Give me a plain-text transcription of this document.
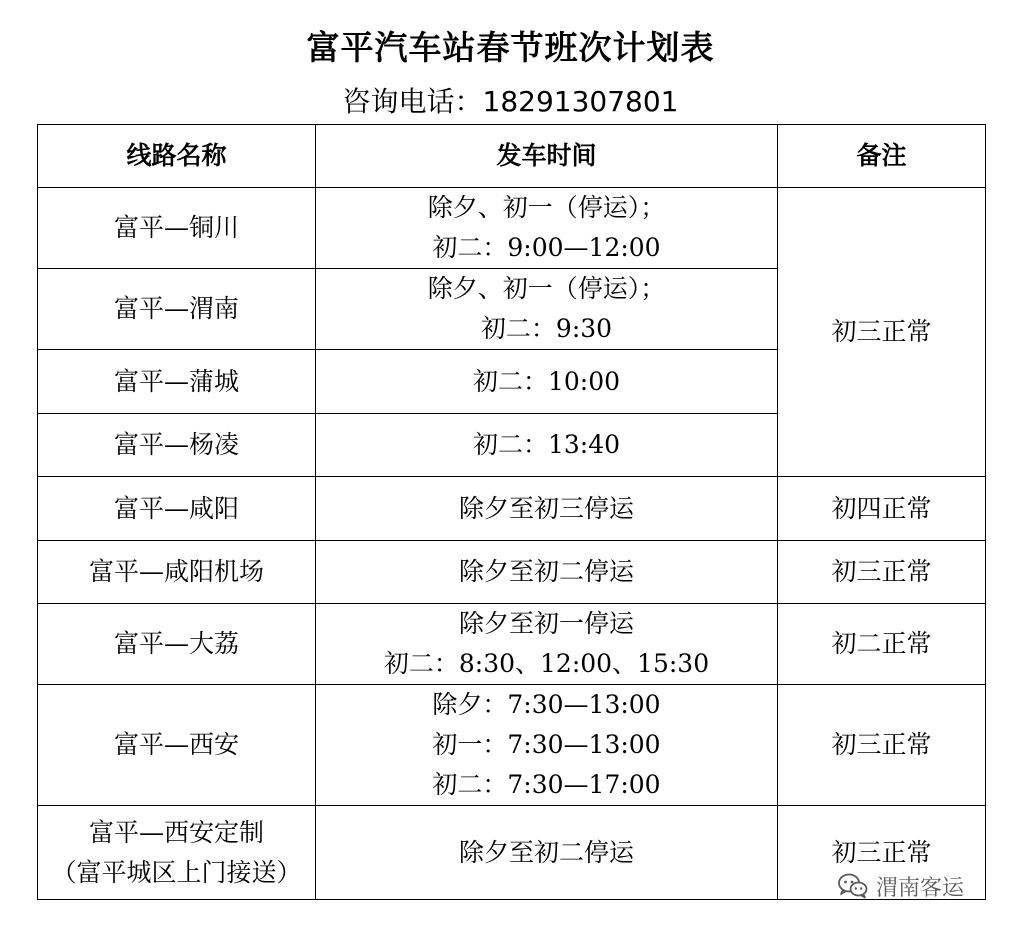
富平汽车站春节班次计划表
咨询电话：18291307801
线路名称	发车时间	备注

富平—铜川	除夕、初一（停运）；
初二：9:00—12:00	初三正常

富平—渭南	除夕、初一（停运）；
初二：9:30	

富平—蒲城	初二：10:00	

富平—杨凌	初二：13:40	

富平—咸阳	除夕至初三停运	初四正常

富平—咸阳机场	除夕至初二停运	初三正常

富平—大荔	除夕至初一停运
初二：8:30、12:00、15:30	初二正常

富平—西安	除夕：7:30—13:00
初一：7:30—13:00
初二：7:30—17:00	初三正常

富平—西安定制
（富平城区上门接送）	除夕至初二停运	初三正常
渭南客运
